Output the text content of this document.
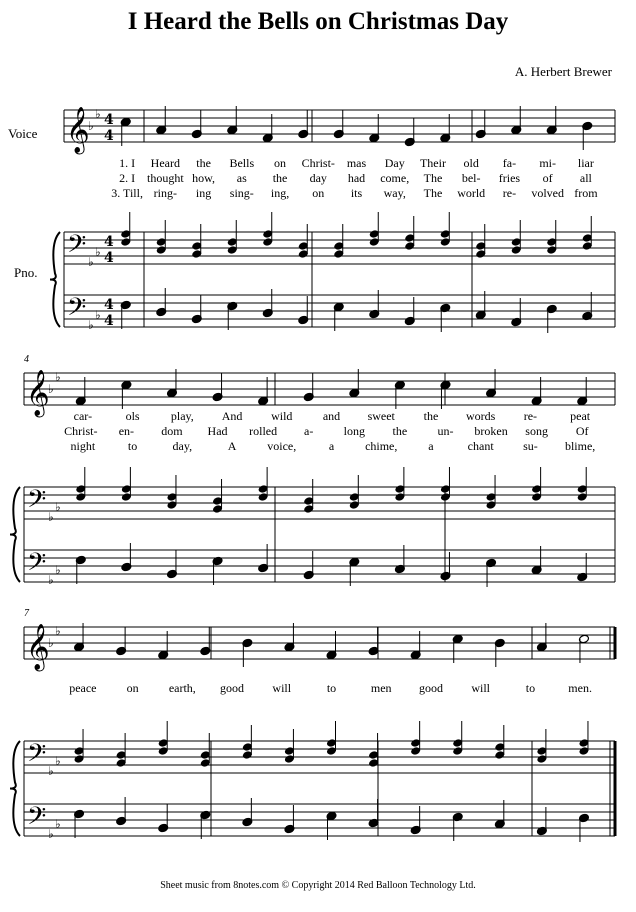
I Heard the Bells on Christmas Day
A. Herbert Brewer
𝄞
𝄢
𝄢
♭
♭
♭
♭
♭
♭
4
4
4
4
4
4
𝄞
𝄢
𝄢
♭
♭
♭
♭
♭
♭
𝄞
𝄢
𝄢
♭
♭
♭
♭
♭
♭
1. I Heard the Bells on Christ- mas Day Their old fa- mi- liar
2. I thought how, as the day had come, The bel- fries of all
3. Till, ring- ing sing- ing, on its way, The world re- volved from
car-	ols	play, And wild	and sweet the words re-	peat
Christ- en- dom Had rolled a-	long the	un- broken song Of
night	to	day,	A	voice,	a	chime,	a	chant su- blime,
peace	on	earth, good will	to	men good will	to	men.
Voice
Pno.
4
7
Sheet music from 8notes.com © Copyright 2014 Red Balloon Technology Ltd.
